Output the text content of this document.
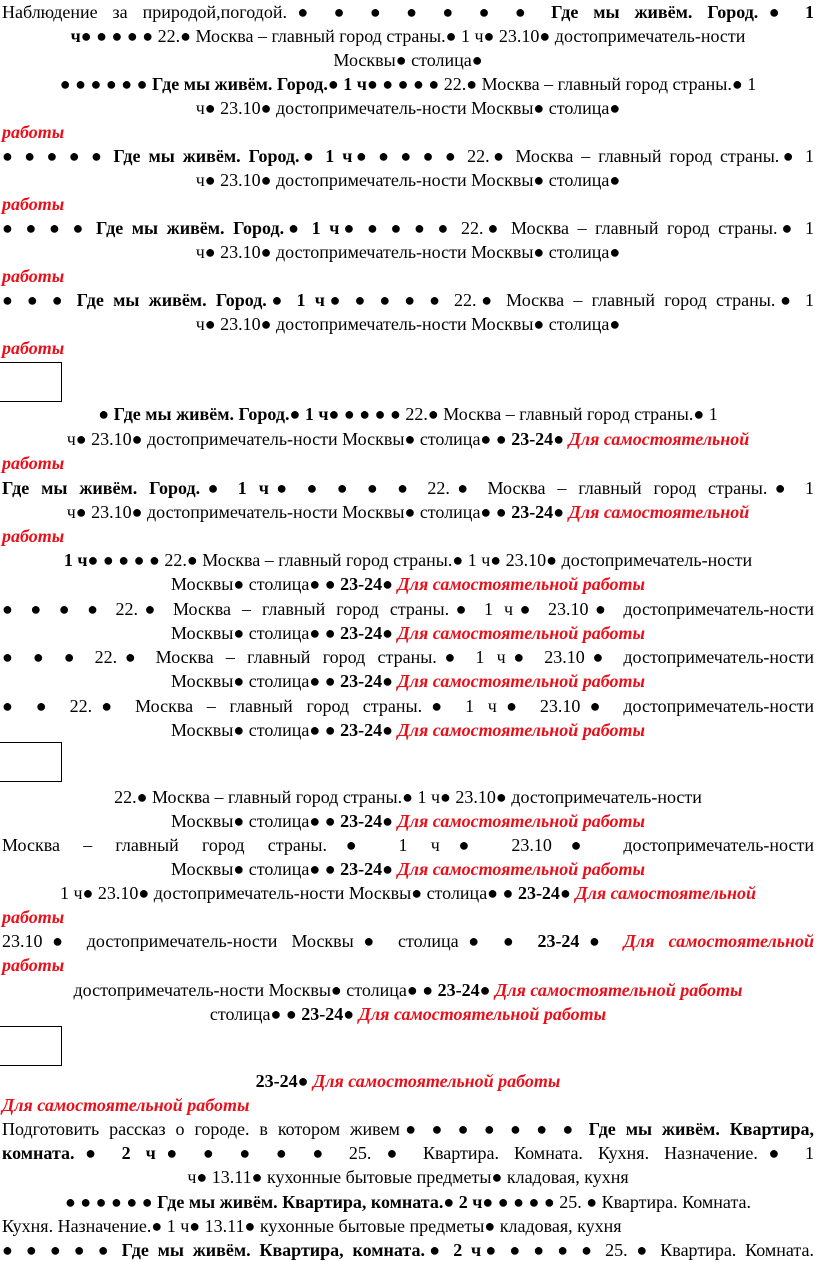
Наблюдение за природой,погодой.● ● ● ● ● ● ● Где мы живём. Город.● 1

ч● ● ● ● ● 22.● Москва – главный город страны.● 1 ч● 23.10● достопримечатель-ности

Москвы● столица●

● ● ● ● ● ● Где мы живём. Город.● 1 ч● ● ● ● ● 22.● Москва – главный город страны.● 1

ч● 23.10● достопримечатель-ности Москвы● столица●

работы

● ● ● ● ● Где мы живём. Город.● 1 ч● ● ● ● ● 22.● Москва – главный город страны.● 1

ч● 23.10● достопримечатель-ности Москвы● столица●

работы

● ● ● ● Где мы живём. Город.● 1 ч● ● ● ● ● 22.● Москва – главный город страны.● 1

ч● 23.10● достопримечатель-ности Москвы● столица●

работы

● ● ● Где мы живём. Город.● 1 ч● ● ● ● ● 22.● Москва – главный город страны.● 1

ч● 23.10● достопримечатель-ности Москвы● столица●

работы

● Где мы живём. Город.● 1 ч● ● ● ● ● 22.● Москва – главный город страны.● 1

ч● 23.10● достопримечатель-ности Москвы● столица● ● 23-24● Для самостоятельной

работы

Где мы живём. Город.● 1 ч● ● ● ● ● 22.● Москва – главный город страны.● 1

ч● 23.10● достопримечатель-ности Москвы● столица● ● 23-24● Для самостоятельной

работы

1 ч● ● ● ● ● 22.● Москва – главный город страны.● 1 ч● 23.10● достопримечатель-ности

Москвы● столица● ● 23-24● Для самостоятельной работы

● ● ● ● 22.● Москва – главный город страны.● 1 ч● 23.10● достопримечатель-ности

Москвы● столица● ● 23-24● Для самостоятельной работы

● ● ● 22.● Москва – главный город страны.● 1 ч● 23.10● достопримечатель-ности

Москвы● столица● ● 23-24● Для самостоятельной работы

● ● 22.● Москва – главный город страны.● 1 ч● 23.10● достопримечатель-ности

Москвы● столица● ● 23-24● Для самостоятельной работы

22.● Москва – главный город страны.● 1 ч● 23.10● достопримечатель-ности

Москвы● столица● ● 23-24● Для самостоятельной работы

Москва – главный город страны.● 1 ч● 23.10● достопримечатель-ности

Москвы● столица● ● 23-24● Для самостоятельной работы

1 ч● 23.10● достопримечатель-ности Москвы● столица● ● 23-24● Для самостоятельной

работы

23.10● достопримечатель-ности Москвы● столица● ● 23-24● Для самостоятельной

работы

достопримечатель-ности Москвы● столица● ● 23-24● Для самостоятельной работы

столица● ● 23-24● Для самостоятельной работы

23-24● Для самостоятельной работы

Для самостоятельной работы

Подготовить рассказ о городе. в котором живем● ● ● ● ● ● ● Где мы живём. Квартира,

комната.● 2 ч● ● ● ● ● 25. ● Квартира. Комната. Кухня. Назначение.● 1

ч● 13.11● кухонные бытовые предметы● кладовая, кухня

● ● ● ● ● ● Где мы живём. Квартира, комната.● 2 ч● ● ● ● ● 25. ● Квартира. Комната.

Кухня. Назначение.● 1 ч● 13.11● кухонные бытовые предметы● кладовая, кухня

● ● ● ● ● Где мы живём. Квартира, комната.● 2 ч● ● ● ● ● 25. ● Квартира. Комната.
